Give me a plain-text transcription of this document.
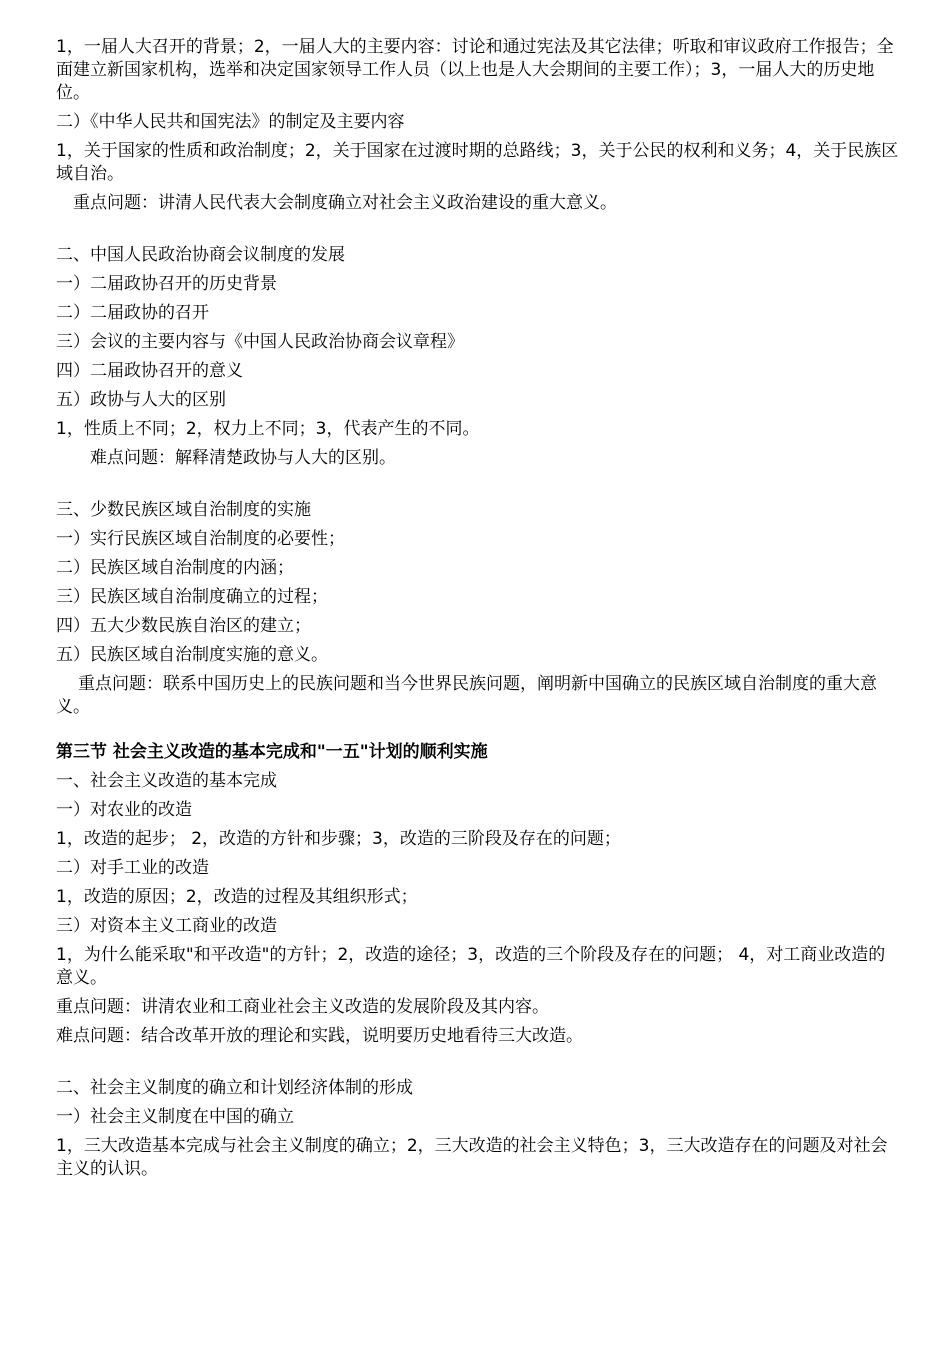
1，一届人大召开的背景；2，一届人大的主要内容：讨论和通过宪法及其它法律；听取和审议政府工作报告；全面建立新国家机构，选举和决定国家领导工作人员（以上也是人大会期间的主要工作）；3，一届人大的历史地位。

二）《中华人民共和国宪法》的制定及主要内容

1，关于国家的性质和政治制度；2，关于国家在过渡时期的总路线；3，关于公民的权利和义务；4，关于民族区域自治。

重点问题：讲清人民代表大会制度确立对社会主义政治建设的重大意义。

二、中国人民政治协商会议制度的发展

一）二届政协召开的历史背景

二）二届政协的召开

三）会议的主要内容与《中国人民政治协商会议章程》

四）二届政协召开的意义

五）政协与人大的区别

1，性质上不同；2，权力上不同；3，代表产生的不同。

难点问题：解释清楚政协与人大的区别。

三、少数民族区域自治制度的实施

一）实行民族区域自治制度的必要性；

二）民族区域自治制度的内涵；

三）民族区域自治制度确立的过程；

四）五大少数民族自治区的建立；

五）民族区域自治制度实施的意义。

重点问题：联系中国历史上的民族问题和当今世界民族问题，阐明新中国确立的民族区域自治制度的重大意义。

第三节 社会主义改造的基本完成和"一五"计划的顺利实施

一、社会主义改造的基本完成

一）对农业的改造

1，改造的起步； 2，改造的方针和步骤；3，改造的三阶段及存在的问题；

二）对手工业的改造

1，改造的原因；2，改造的过程及其组织形式；

三）对资本主义工商业的改造

1，为什么能采取"和平改造"的方针；2，改造的途径；3，改造的三个阶段及存在的问题； 4，对工商业改造的意义。

重点问题：讲清农业和工商业社会主义改造的发展阶段及其内容。

难点问题：结合改革开放的理论和实践，说明要历史地看待三大改造。

二、社会主义制度的确立和计划经济体制的形成

一）社会主义制度在中国的确立

1，三大改造基本完成与社会主义制度的确立；2，三大改造的社会主义特色；3，三大改造存在的问题及对社会主义的认识。
